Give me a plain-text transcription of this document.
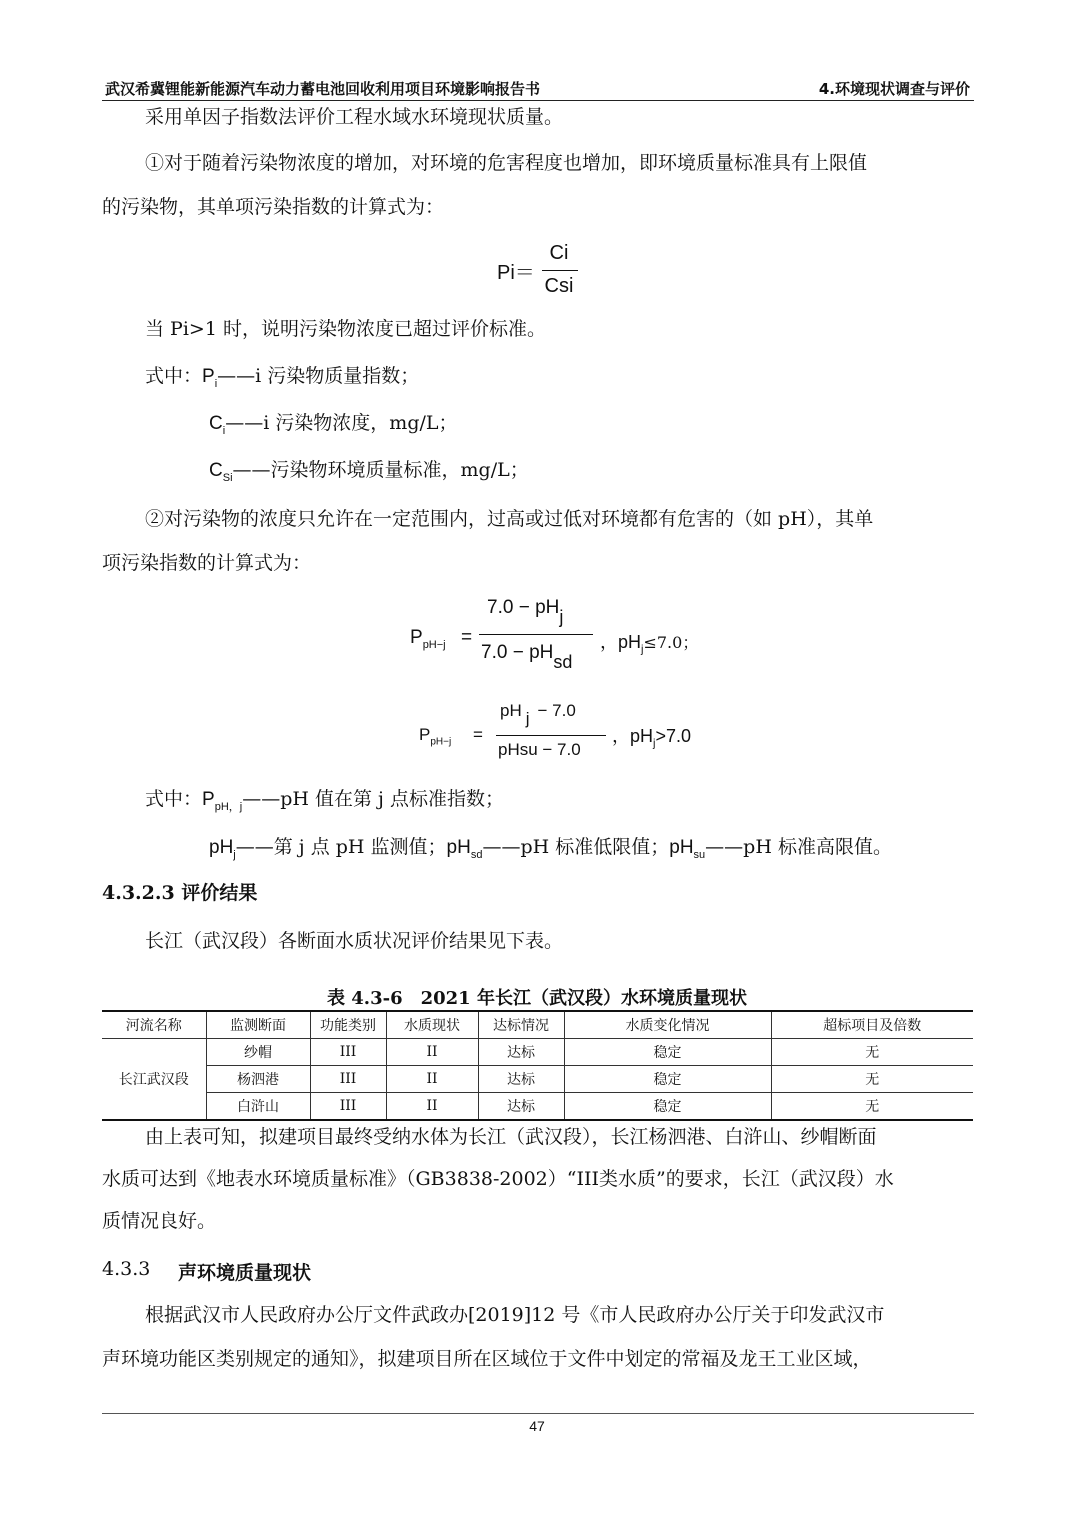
武汉希冀锂能新能源汽车动力蓄电池回收利用项目环境影响报告书	4.环境现状调查与评价
采用单因子指数法评价工程水域水环境现状质量。
①对于随着污染物浓度的增加，对环境的危害程度也增加，即环境质量标准具有上限值
的污染物，其单项污染指数的计算式为：
Pi＝
Ci
Csi
当 Pi>1 时，说明污染物浓度已超过评价标准。
式中：$P_i——i$ 污染物质量指数；
$C_i——i$ 污染物浓度，mg/L；
$C_{Si}——$污染物环境质量标准，mg/L；
②对污染物的浓度只允许在一定范围内，过高或过低对环境都有危害的（如 pH），其单
项污染指数的计算式为：
$P_{pH-j}$ =
7.0 − pHj
7.0 − pHsd
，$pH_j\le 7.0$；
$P_{pH-j}$ =
pH j − 7.0
pHsu − 7.0
，$pH_j>7.0$
式中：$P_{pH,j}——pH$ 值在第 j 点标准指数；
$pH_j——$第 j 点 pH 监测值；$pH_{sd}——pH$ 标准低限值；$pH_{su}——pH$ 标准高限值。
4.3.2.3 评价结果
长江（武汉段）各断面水质状况评价结果见下表。
表 4.3-6　2021 年长江（武汉段）水环境质量现状
河流名称	监测断面	功能类别	水质现状	达标情况	水质变化情况	超标项目及倍数
长江武汉段	纱帽	III	II	达标	稳定	无
	杨泗港	III	II	达标	稳定	无
	白浒山	III	II	达标	稳定	无
由上表可知，拟建项目最终受纳水体为长江（武汉段），长江杨泗港、白浒山、纱帽断面
水质可达到《地表水环境质量标准》（GB3838-2002）“III类水质”的要求，长江（武汉段）水
质情况良好。
4.3.3 声环境质量现状
根据武汉市人民政府办公厅文件武政办[2019]12 号《市人民政府办公厅关于印发武汉市
声环境功能区类别规定的通知》，拟建项目所在区域位于文件中划定的常福及龙王工业区域，
47
